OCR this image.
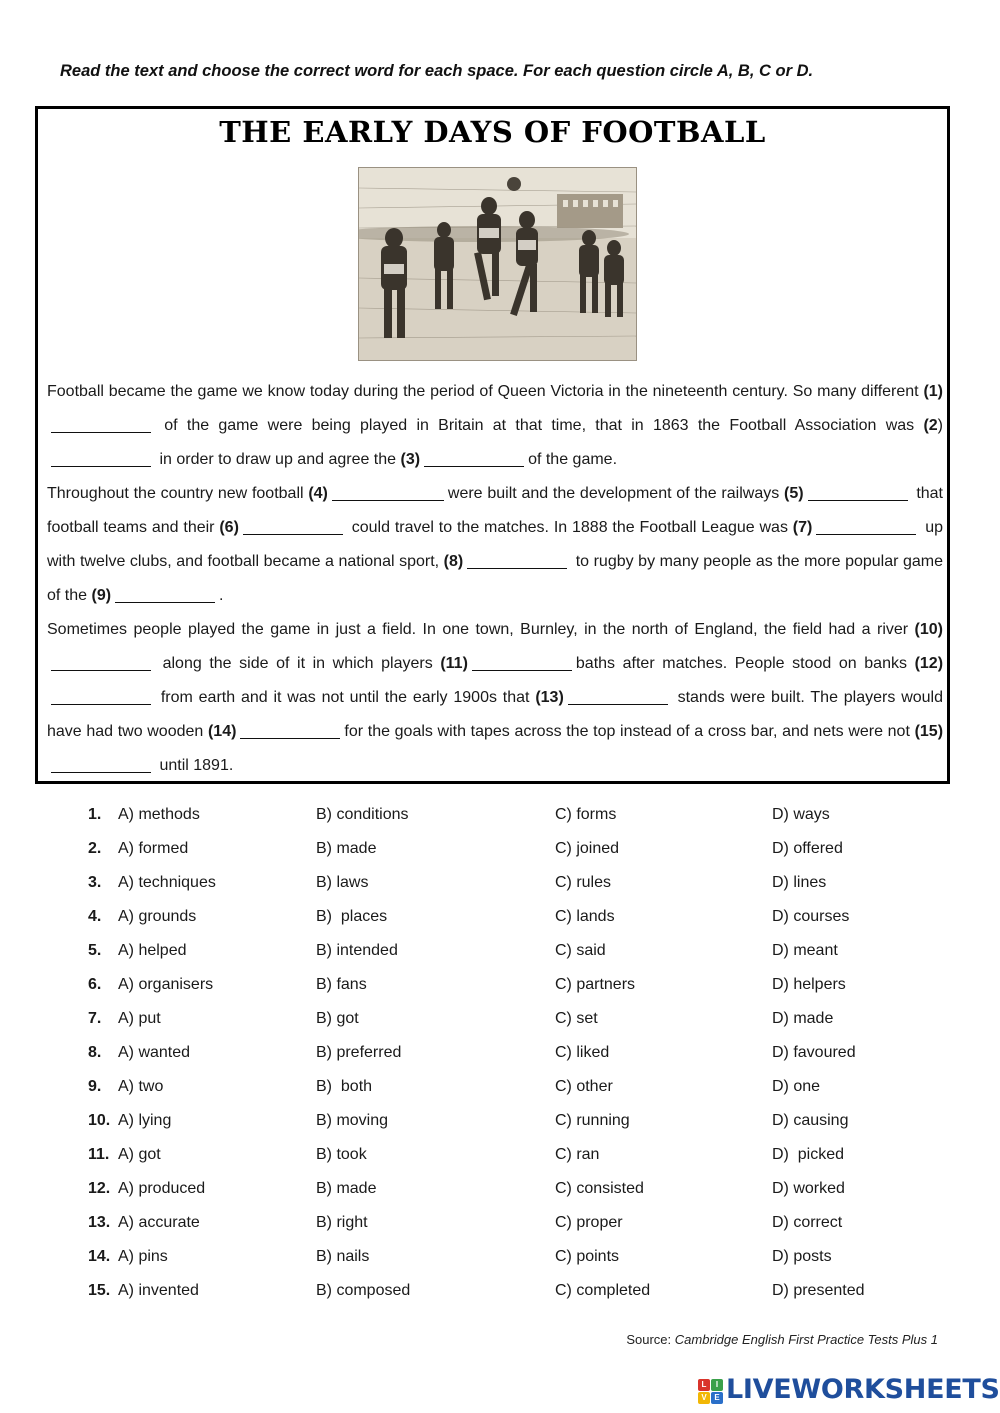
Read the text and choose the correct word for each space. For each question circle A, B, C or D.
THE EARLY DAYS OF FOOTBALL

Football became the game we know today during the period of Queen Victoria in the nineteenth century. So many different (1) of the game were being played in Britain at that time, that in 1863 the Football Association was (2) in order to draw up and agree the (3)	of the game.

Throughout the country new football (4)	were built and the development of the railways (5)	that football teams and their (6)	could travel to the matches. In 1888 the Football League was (7)	up with twelve clubs, and football became a national sport, (8)	to rugby by many people as the more popular game of the (9)	.

Sometimes people played the game in just a field. In one town, Burnley, in the north of England, the field had a river (10) along the side of it in which players (11)	baths after matches. People stood on banks (12) from earth and it was not until the early 1900s that (13)	stands were built. The players would have had two wooden (14)	for the goals with tapes across the top instead of a cross bar, and nets were not (15) until 1891.

1. A) methods	B) conditions	C) forms	D) ways
2. A) formed	B) made	C) joined	D) offered
3. A) techniques	B) laws	C) rules	D) lines
4. A) grounds	B)  places	C) lands	D) courses
5. A) helped	B) intended	C) said	D) meant
6. A) organisers	B) fans	C) partners	D) helpers
7. A) put	B) got	C) set	D) made
8. A) wanted	B) preferred	C) liked	D) favoured
9. A) two	B)  both	C) other	D) one
10. A) lying	B) moving	C) running	D) causing
11. A) got	B) took	C) ran	D)  picked
12. A) produced	B) made	C) consisted	D) worked
13. A) accurate	B) right	C) proper	D) correct
14. A) pins	B) nails	C) points	D) posts
15. A) invented	B) composed	C) completed	D) presented
Source: Cambridge English First Practice Tests Plus 1
L	I
V E LIVEWORKSHEETS
